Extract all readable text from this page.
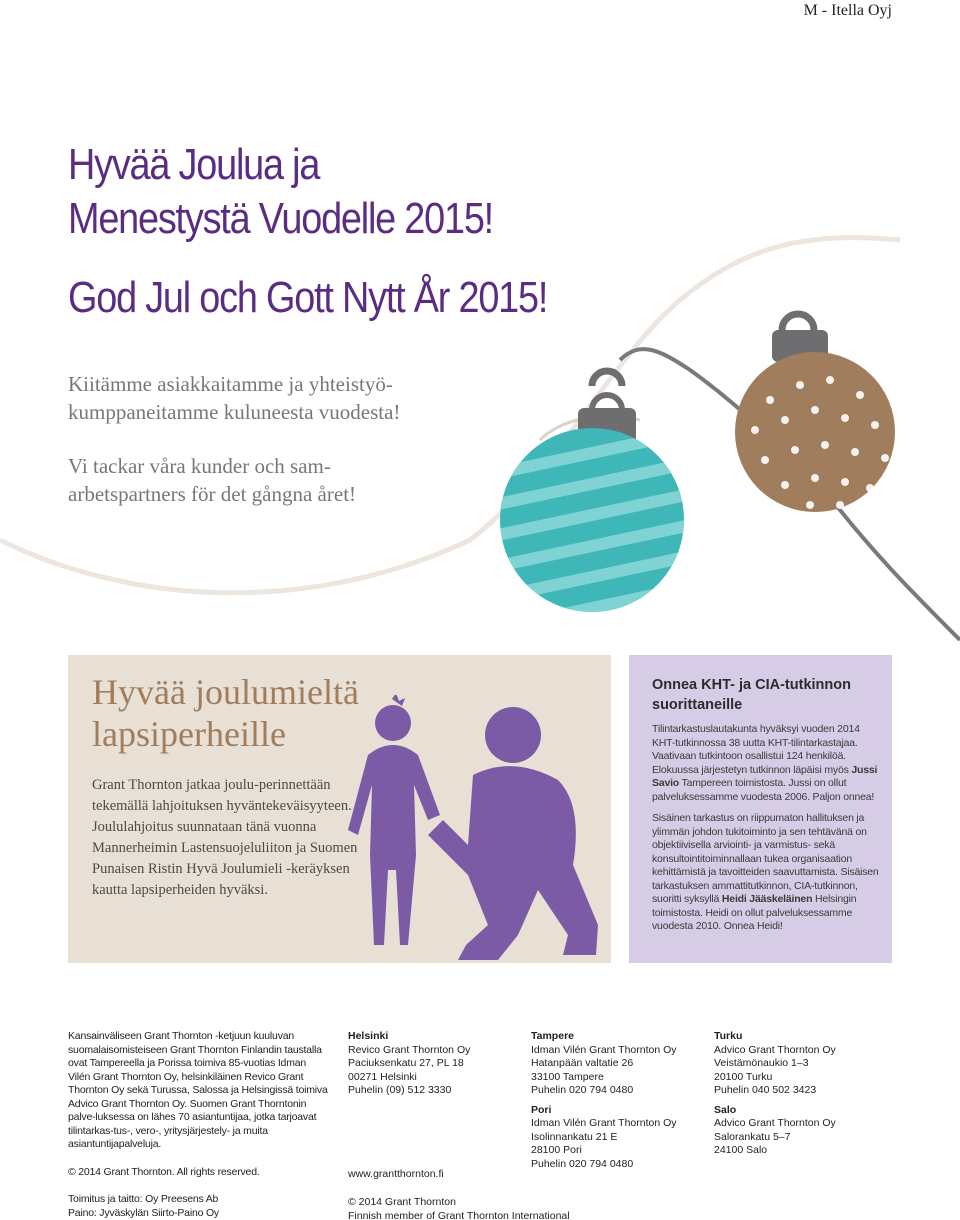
M - Itella Oyj
Hyvää Joulua ja
Menestystä Vuodelle 2015!
God Jul och Gott Nytt År 2015!
Kiitämme asiakkaitamme ja yhteistyö-
kumppaneitamme kuluneesta vuodesta!
Vi tackar våra kunder och sam-
arbetspartners för det gångna året!
Hyvää joulumieltä
lapsiperheille

Grant Thornton jatkaa joulu-perinnettään tekemällä lahjoituksen hyväntekeväisyyteen. Joululahjoitus suunnataan tänä vuonna Mannerheimin Lastensuojeluliiton ja Suomen Punaisen Ristin Hyvä Joulumieli -keräyksen kautta lapsiperheiden hyväksi.

Onnea KHT- ja CIA-tutkinnon suorittaneille

Tilintarkastuslautakunta hyväksyi vuoden 2014 KHT-tutkinnossa 38 uutta KHT-tilintarkastajaa. Vaativaan tutkintoon osallistui 124 henkilöä. Elokuussa järjestetyn tutkinnon läpäisi myös Jussi Savio Tampereen toimistosta. Jussi on ollut palveluksessamme vuodesta 2006. Paljon onnea!

Sisäinen tarkastus on riippumaton hallituksen ja ylimmän johdon tukitoiminto ja sen tehtävänä on objektiivisella arviointi- ja varmistus- sekä konsultointitoiminnallaan tukea organisaation kehittämistä ja tavoitteiden saavuttamista. Sisäisen tarkastuksen ammattitutkinnon, CIA-tutkinnon, suoritti syksyllä Heidi Jääskeläinen Helsingin toimistosta. Heidi on ollut palveluksessamme vuodesta 2010. Onnea Heidi!

Kansainväliseen Grant Thornton -ketjuun kuuluvan suomalaisomisteiseen Grant Thornton Finlandin taustalla ovat Tampereella ja Porissa toimiva 85-vuotias Idman Vilén Grant Thornton Oy, helsinkiläinen Revico Grant Thornton Oy sekä Turussa, Salossa ja Helsingissä toimiva Advico Grant Thornton Oy. Suomen Grant Thorntonin palve-luksessa on lähes 70 asiantuntijaa, jotka tarjoavat tilintarkas-tus-, vero-, yritysjärjestely- ja muita asiantuntijapalveluja.
© 2014 Grant Thornton. All rights reserved.
Toimitus ja taitto: Oy Preesens Ab
Paino: Jyväskylän Siirto-Paino Oy
Helsinki
Revico Grant Thornton Oy
Paciuksenkatu 27, PL 18
00271 Helsinki
Puhelin (09) 512 3330
www.grantthornton.fi
© 2014 Grant Thornton
Finnish member of Grant Thornton International
Tampere
Idman Vilén Grant Thornton Oy
Hatanpään valtatie 26
33100 Tampere
Puhelin 020 794 0480
Pori
Idman Vilén Grant Thornton Oy
Isolinnankatu 21 E
28100 Pori
Puhelin 020 794 0480
Turku
Advico Grant Thornton Oy
Veistämönaukio 1–3
20100 Turku
Puhelin 040 502 3423
Salo
Advico Grant Thornton Oy
Salorankatu 5–7
24100 Salo
